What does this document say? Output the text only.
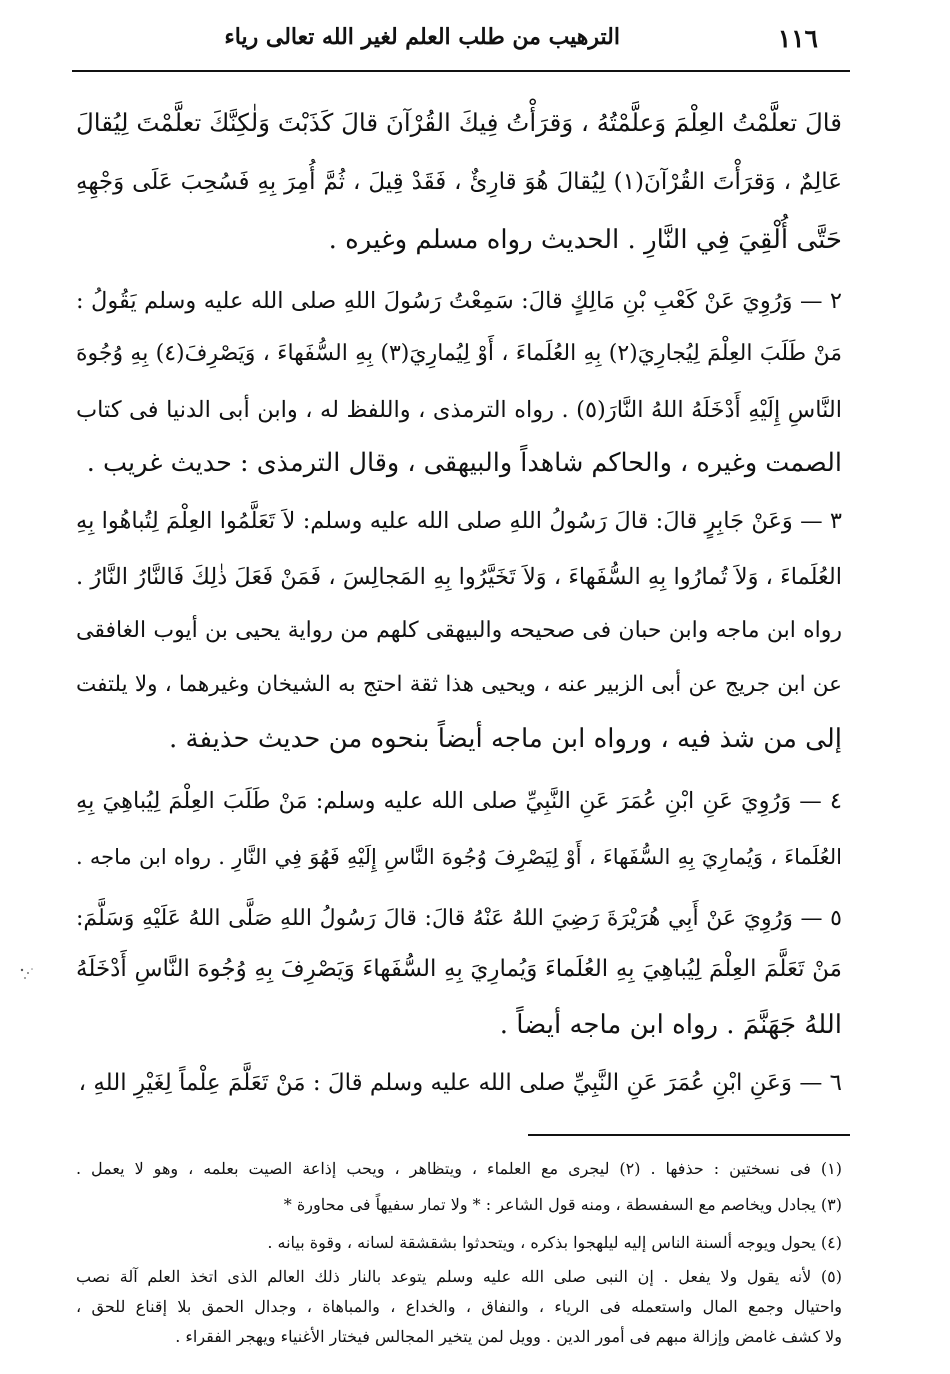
١١٦
الترهيب من طلب العلم لغير الله تعالى رياء
قالَ تعلَّمْتُ العِلْمَ وَعلَّمْتُهُ ، وَقرَأْتُ فِيكَ القُرْآنَ قالَ كَذَبْتَ وَلٰكِنَّكَ تعلَّمْتَ لِيُقالَ
عَالِمٌ ، وَقرَأْتَ القُرْآنَ(١) لِيُقالَ هُوَ قارِئٌ ، فَقَدْ قِيلَ ، ثُمَّ أُمِرَ بِهِ فَسُحِبَ عَلَى وَجْهِهِ
حَتَّى أُلْقِيَ فِي النَّارِ . الحديث رواه مسلم وغيره .
٢ — وَرُوِيَ عَنْ كَعْبِ بْنِ مَالِكٍ قالَ: سَمِعْتُ رَسُولَ اللهِ صلى الله عليه وسلم يَقُولُ :
مَنْ طَلَبَ العِلْمَ لِيُجارِيَ(٢) بِهِ العُلَماءَ ، أَوْ لِيُمارِيَ(٣) بِهِ السُّفَهاءَ ، وَيَصْرِفَ(٤) بِهِ وُجُوهَ
النَّاسِ إِلَيْهِ أَدْخَلَهُ اللهُ النَّارَ(٥) . رواه الترمذى ، واللفظ له ، وابن أبى الدنيا فى كتاب
الصمت وغيره ، والحاكم شاهداً والبيهقى ، وقال الترمذى : حديث غريب .
٣ — وَعَنْ جَابِرٍ قالَ: قالَ رَسُولُ اللهِ صلى الله عليه وسلم: لاَ تَعَلَّمُوا العِلْمَ لِتُباهُوا بِهِ
العُلَماءَ ، وَلاَ تُمارُوا بِهِ السُّفَهاءَ ، وَلاَ تَخَيَّرُوا بِهِ المَجالِسَ ، فَمَنْ فَعَلَ ذٰلِكَ فَالنَّارُ النَّارُ .
رواه ابن ماجه وابن حبان فى صحيحه والبيهقى كلهم من رواية يحيى بن أيوب الغافقى
عن ابن جريج عن أبى الزبير عنه ، ويحيى هذا ثقة احتج به الشيخان وغيرهما ، ولا يلتفت
إلى من شذ فيه ، ورواه ابن ماجه أيضاً بنحوه من حديث حذيفة .
٤ — وَرُوِيَ عَنِ ابْنِ عُمَرَ عَنِ النَّبِيِّ صلى الله عليه وسلم: مَنْ طَلَبَ العِلْمَ لِيُباهِيَ بِهِ
العُلَماءَ ، وَيُمارِيَ بِهِ السُّفَهاءَ ، أَوْ لِيَصْرِفَ وُجُوهَ النَّاسِ إِلَيْهِ فَهُوَ فِي النَّارِ . رواه ابن ماجه .
٥ — وَرُوِيَ عَنْ أَبِي هُرَيْرَةَ رَضِيَ اللهُ عَنْهُ قالَ: قالَ رَسُولُ اللهِ صَلَّى اللهُ عَلَيْهِ وَسَلَّمَ:
مَنْ تَعَلَّمَ العِلْمَ لِيُباهِيَ بِهِ العُلَماءَ وَيُمارِيَ بِهِ السُّفَهاءَ وَيَصْرِفَ بِهِ وُجُوهَ النَّاسِ أَدْخَلَهُ
اللهُ جَهَنَّمَ . رواه ابن ماجه أيضاً .
٦ — وَعَنِ ابْنِ عُمَرَ عَنِ النَّبِيِّ صلى الله عليه وسلم قالَ : مَنْ تَعَلَّمَ عِلْماً لِغَيْرِ اللهِ ،
(١) فى نسختين : حذفها . (٢) ليجرى مع العلماء ، ويتظاهر ، ويحب إذاعة الصيت بعلمه ، وهو لا يعمل .
(٣) يجادل ويخاصم مع السفسطة ، ومنه قول الشاعر : * ولا تمار سفيهاً فى محاورة *
(٤) يحول ويوجه ألسنة الناس إليه ليلهجوا بذكره ، ويتحدثوا بشقشقة لسانه ، وقوة بيانه .
(٥) لأنه يقول ولا يفعل . إن النبى صلى الله عليه وسلم يتوعد بالنار ذلك العالم الذى اتخذ العلم آلة نصب
واحتيال وجمع المال واستعمله فى الرياء ، والنفاق ، والخداع ، والمباهاة ، وجدال الحمق بلا إقناع للحق ،
ولا كشف غامض وإزالة مبهم فى أمور الدين . وويل لمن يتخير المجالس فيختار الأغنياء ويهجر الفقراء .
